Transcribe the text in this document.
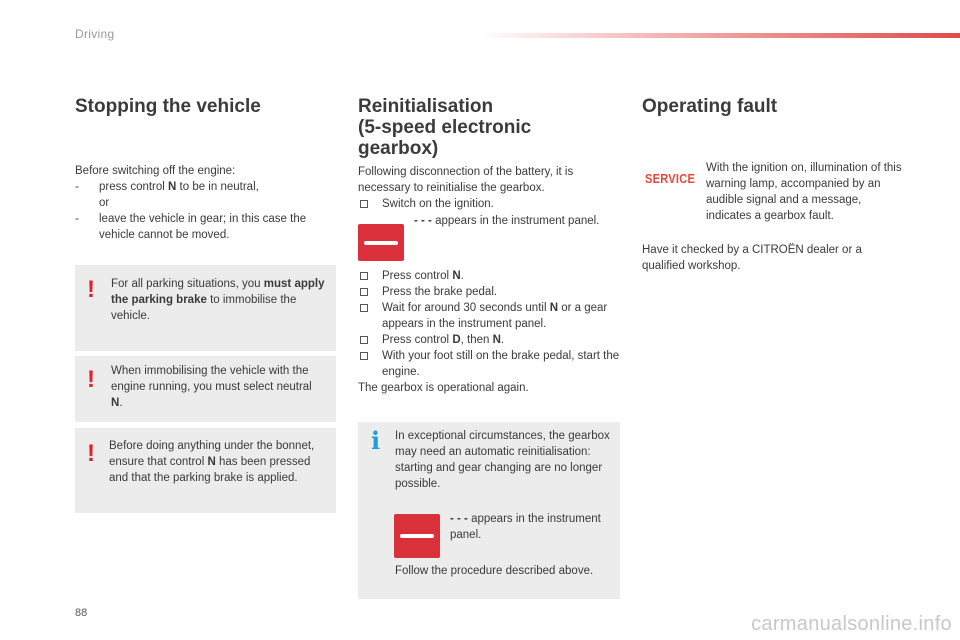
Driving
Stopping the vehicle
Before switching off the engine:
- press control N to be in neutral,
or
- leave the vehicle in gear; in this case the vehicle cannot be moved.
! For all parking situations, you must apply the parking brake to immobilise the vehicle.
! When immobilising the vehicle with the engine running, you must select neutral N.
! Before doing anything under the bonnet, ensure that control N has been pressed and that the parking brake is applied.
Reinitialisation
(5-speed electronic
gearbox)
Following disconnection of the battery, it is necessary to reinitialise the gearbox.
Switch on the ignition.
- - - appears in the instrument panel.
Press control N.
Press the brake pedal.
Wait for around 30 seconds until N or a gear appears in the instrument panel.
Press control D, then N.
With your foot still on the brake pedal, start the engine.
The gearbox is operational again.
i In exceptional circumstances, the gearbox may need an automatic reinitialisation: starting and gear changing are no longer possible.
- - - appears in the instrument panel.
Follow the procedure described above.
Operating fault
SERVICE
With the ignition on, illumination of this warning lamp, accompanied by an audible signal and a message, indicates a gearbox fault.
Have it checked by a CITROËN dealer or a qualified workshop.
88	carmanualsonline.info
